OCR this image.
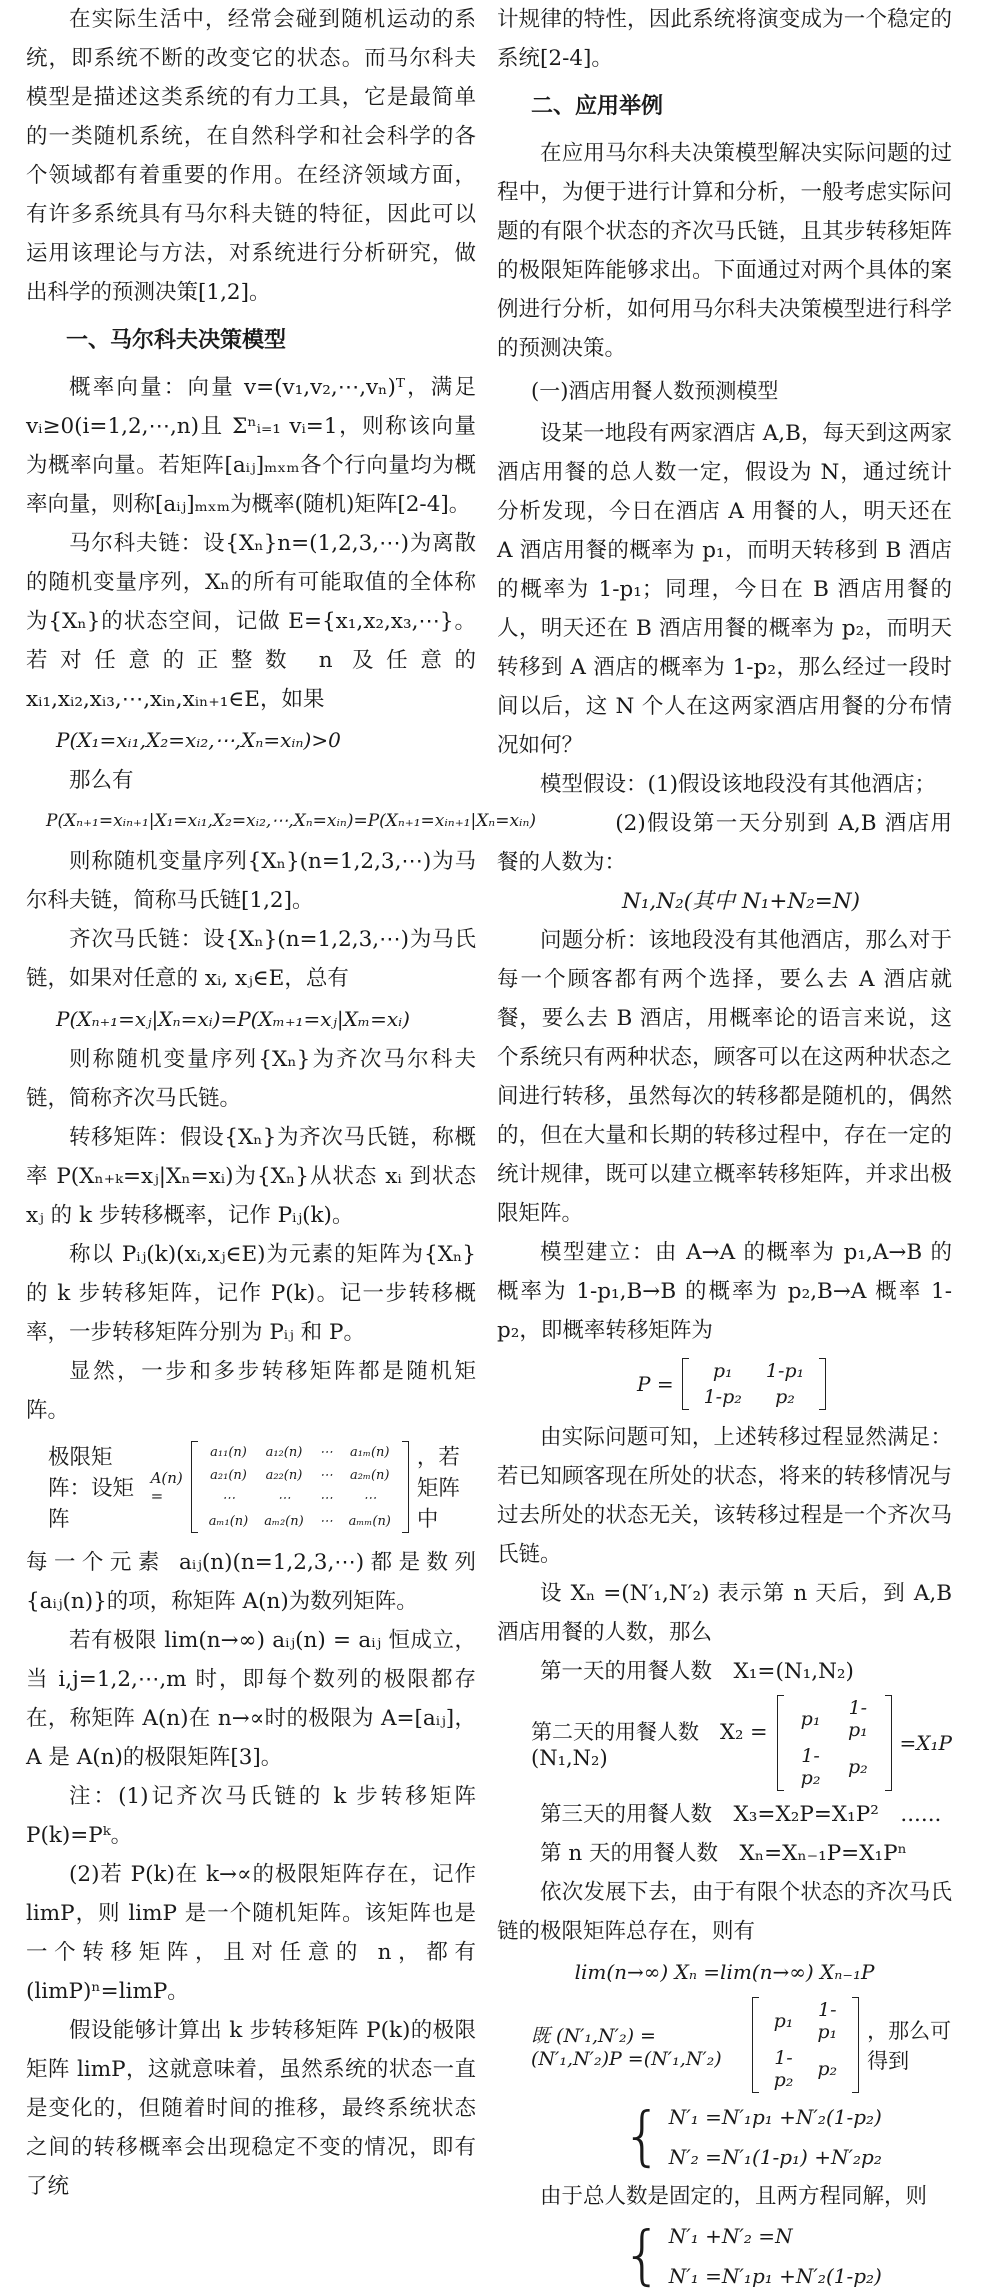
在实际生活中，经常会碰到随机运动的系统，即系统不断的改变它的状态。而马尔科夫模型是描述这类系统的有力工具，它是最简单的一类随机系统，在自然科学和社会科学的各个领域都有着重要的作用。在经济领域方面，有许多系统具有马尔科夫链的特征，因此可以运用该理论与方法，对系统进行分析研究，做出科学的预测决策[1,2]。

一、马尔科夫决策模型

概率向量：向量 v=(v₁,v₂,⋯,vₙ)ᵀ，满足 vᵢ≥0(i=1,2,⋯,n)且 Σⁿᵢ₌₁ vᵢ=1，则称该向量为概率向量。若矩阵[aᵢⱼ]ₘₓₘ各个行向量均为概率向量，则称[aᵢⱼ]ₘₓₘ为概率(随机)矩阵[2-4]。

马尔科夫链：设{Xₙ}n=(1,2,3,⋯)为离散的随机变量序列，Xₙ的所有可能取值的全体称为{Xₙ}的状态空间，记做 E={x₁,x₂,x₃,⋯}。若对任意的正整数 n 及任意的 xᵢ₁,xᵢ₂,xᵢ₃,⋯,xᵢₙ,xᵢₙ₊₁∈E，如果

P(X₁=xᵢ₁,X₂=xᵢ₂,⋯,Xₙ=xᵢₙ)>0

那么有

P(Xₙ₊₁=xᵢₙ₊₁|X₁=xᵢ₁,X₂=xᵢ₂,⋯,Xₙ=xᵢₙ)=P(Xₙ₊₁=xᵢₙ₊₁|Xₙ=xᵢₙ)

则称随机变量序列{Xₙ}(n=1,2,3,⋯)为马尔科夫链，简称马氏链[1,2]。

齐次马氏链：设{Xₙ}(n=1,2,3,⋯)为马氏链，如果对任意的 xᵢ, xⱼ∈E，总有

P(Xₙ₊₁=xⱼ|Xₙ=xᵢ)=P(Xₘ₊₁=xⱼ|Xₘ=xᵢ)

则称随机变量序列{Xₙ}为齐次马尔科夫链，简称齐次马氏链。

转移矩阵：假设{Xₙ}为齐次马氏链，称概率 P(Xₙ₊ₖ=xⱼ|Xₙ=xᵢ)为{Xₙ}从状态 xᵢ 到状态 xⱼ 的 k 步转移概率，记作 Pᵢⱼ(k)。

称以 Pᵢⱼ(k)(xᵢ,xⱼ∈E)为元素的矩阵为{Xₙ}的 k 步转移矩阵，记作 P(k)。记一步转移概率，一步转移矩阵分别为 Pᵢⱼ 和 P。

显然，一步和多步转移矩阵都是随机矩阵。

极限矩阵：设矩阵
A(n) =
a₁₁(n)	a₁₂(n)	⋯	a₁ₘ(n)
a₂₁(n)	a₂₂(n)	⋯	a₂ₘ(n)
⋯	⋯	⋯	⋯
aₘ₁(n)	aₘ₂(n)	⋯	aₘₘ(n)
，若矩阵中

每一个元素 aᵢⱼ(n)(n=1,2,3,⋯)都是数列{aᵢⱼ(n)}的项，称矩阵 A(n)为数列矩阵。

若有极限 lim(n→∞) aᵢⱼ(n) = aᵢⱼ 恒成立，当 i,j=1,2,⋯,m 时，即每个数列的极限都存在，称矩阵 A(n)在 n→∝时的极限为 A=[aᵢⱼ]，A 是 A(n)的极限矩阵[3]。

注：(1)记齐次马氏链的 k 步转移矩阵 P(k)=Pᵏ。

(2)若 P(k)在 k→∝的极限矩阵存在，记作 limP，则 limP 是一个随机矩阵。该矩阵也是一个转移矩阵，且对任意的 n，都有(limP)ⁿ=limP。

假设能够计算出 k 步转移矩阵 P(k)的极限矩阵 limP，这就意味着，虽然系统的状态一直是变化的，但随着时间的推移，最终系统状态之间的转移概率会出现稳定不变的情况，即有了统

计规律的特性，因此系统将演变成为一个稳定的系统[2-4]。

二、应用举例

在应用马尔科夫决策模型解决实际问题的过程中，为便于进行计算和分析，一般考虑实际问题的有限个状态的齐次马氏链，且其步转移矩阵的极限矩阵能够求出。下面通过对两个具体的案例进行分析，如何用马尔科夫决策模型进行科学的预测决策。

(一)酒店用餐人数预测模型

设某一地段有两家酒店 A,B，每天到这两家酒店用餐的总人数一定，假设为 N，通过统计分析发现，今日在酒店 A 用餐的人，明天还在 A 酒店用餐的概率为 p₁，而明天转移到 B 酒店的概率为 1-p₁；同理，今日在 B 酒店用餐的人，明天还在 B 酒店用餐的概率为 p₂，而明天转移到 A 酒店的概率为 1-p₂，那么经过一段时间以后，这 N 个人在这两家酒店用餐的分布情况如何？

模型假设：(1)假设该地段没有其他酒店；

(2)假设第一天分别到 A,B 酒店用餐的人数为：

N₁,N₂(其中 N₁+N₂=N)

问题分析：该地段没有其他酒店，那么对于每一个顾客都有两个选择，要么去 A 酒店就餐，要么去 B 酒店，用概率论的语言来说，这个系统只有两种状态，顾客可以在这两种状态之间进行转移，虽然每次的转移都是随机的，偶然的，但在大量和长期的转移过程中，存在一定的统计规律，既可以建立概率转移矩阵，并求出极限矩阵。

模型建立：由 A→A 的概率为 p₁,A→B 的概率为 1-p₁,B→B 的概率为 p₂,B→A 概率 1-p₂，即概率转移矩阵为

P =
p₁	1-p₁
1-p₂	p₂

由实际问题可知，上述转移过程显然满足：若已知顾客现在所处的状态，将来的转移情况与过去所处的状态无关，该转移过程是一个齐次马氏链。

设 Xₙ =(N′₁,N′₂) 表示第 n 天后，到 A,B 酒店用餐的人数，那么

第一天的用餐人数　X₁=(N₁,N₂)

第二天的用餐人数　X₂ =(N₁,N₂)
p₁	1-p₁
1-p₂	p₂
=X₁P

第三天的用餐人数　X₃=X₂P=X₁P²　......

第 n 天的用餐人数　Xₙ=Xₙ₋₁P=X₁Pⁿ

依次发展下去，由于有限个状态的齐次马氏链的极限矩阵总存在，则有

lim(n→∞) Xₙ =lim(n→∞) Xₙ₋₁P
既 (N′₁,N′₂) =(N′₁,N′₂)P =(N′₁,N′₂)
p₁	1-p₁
1-p₂	p₂
，那么可得到
{ N′₁ =N′₁p₁ +N′₂(1-p₂)
N′₂ =N′₁(1-p₁) +N′₂p₂

由于总人数是固定的，且两方程同解，则

{ N′₁ +N′₂ =N
N′₁ =N′₁p₁ +N′₂(1-p₂)
